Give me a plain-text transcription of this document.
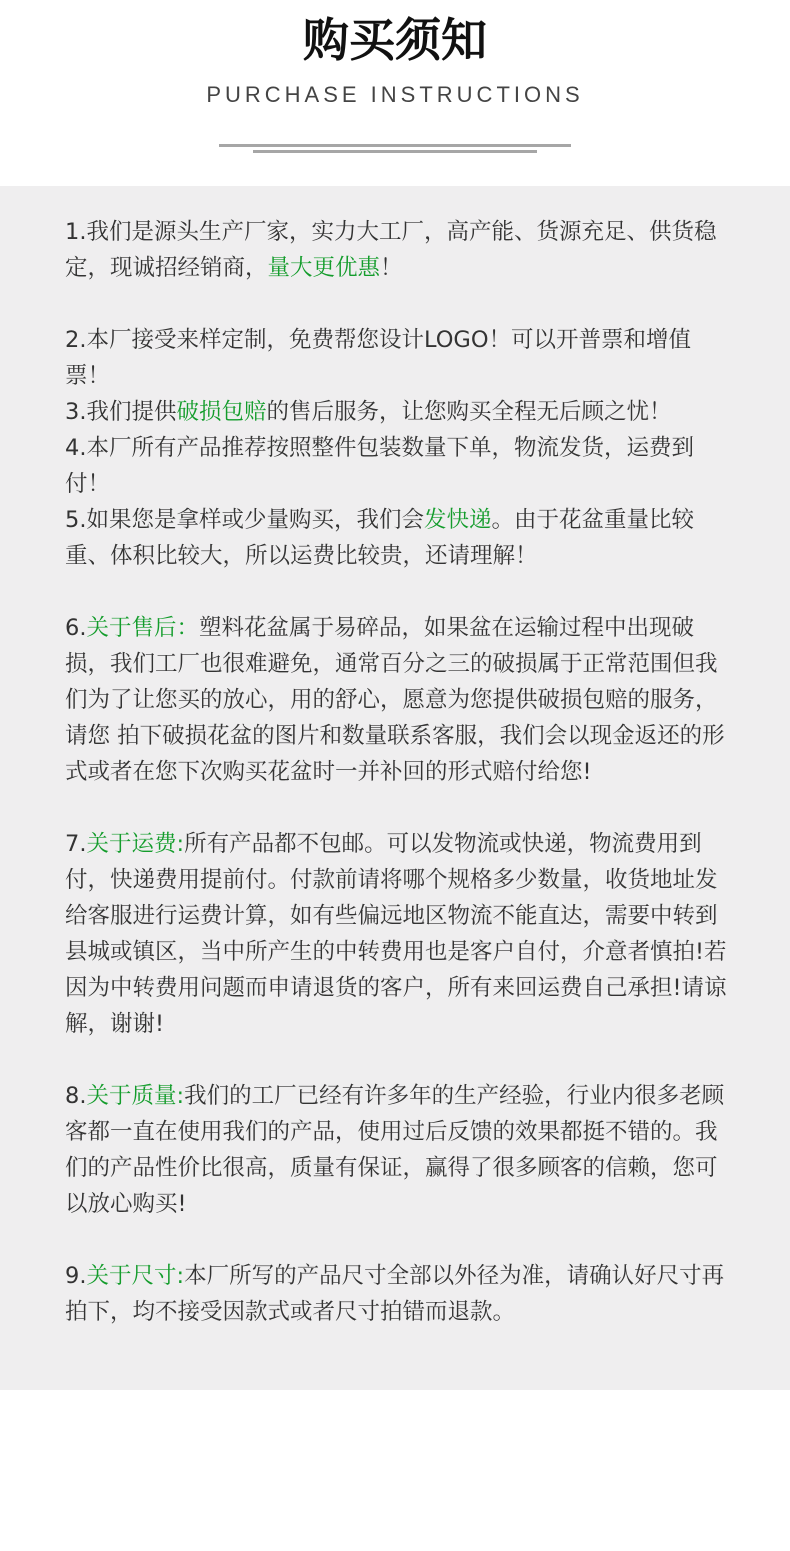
购买须知
PURCHASE INSTRUCTIONS

1.我们是源头生产厂家，实力大工厂，高产能、货源充足、供货稳定，现诚招经销商，量大更优惠！

2.本厂接受来样定制，免费帮您设计LOGO！可以开普票和增值票！

3.我们提供破损包赔的售后服务，让您购买全程无后顾之忧！

4.本厂所有产品推荐按照整件包装数量下单，物流发货，运费到付！

5.如果您是拿样或少量购买，我们会发快递。由于花盆重量比较重、体积比较大，所以运费比较贵，还请理解！

6.关于售后：塑料花盆属于易碎品，如果盆在运输过程中出现破损，我们工厂也很难避免，通常百分之三的破损属于正常范围但我们为了让您买的放心，用的舒心，愿意为您提供破损包赔的服务，请您 拍下破损花盆的图片和数量联系客服，我们会以现金返还的形式或者在您下次购买花盆时一并补回的形式赔付给您!

7.关于运费:所有产品都不包邮。可以发物流或快递，物流费用到付，快递费用提前付。付款前请将哪个规格多少数量，收货地址发给客服进行运费计算，如有些偏远地区物流不能直达，需要中转到县城或镇区，当中所产生的中转费用也是客户自付，介意者慎拍!若因为中转费用问题而申请退货的客户，所有来回运费自己承担!请谅解，谢谢!

8.关于质量:我们的工厂已经有许多年的生产经验，行业内很多老顾客都一直在使用我们的产品，使用过后反馈的效果都挺不错的。我们的产品性价比很高，质量有保证，赢得了很多顾客的信赖，您可以放心购买!

9.关于尺寸:本厂所写的产品尺寸全部以外径为准，请确认好尺寸再拍下，均不接受因款式或者尺寸拍错而退款。
